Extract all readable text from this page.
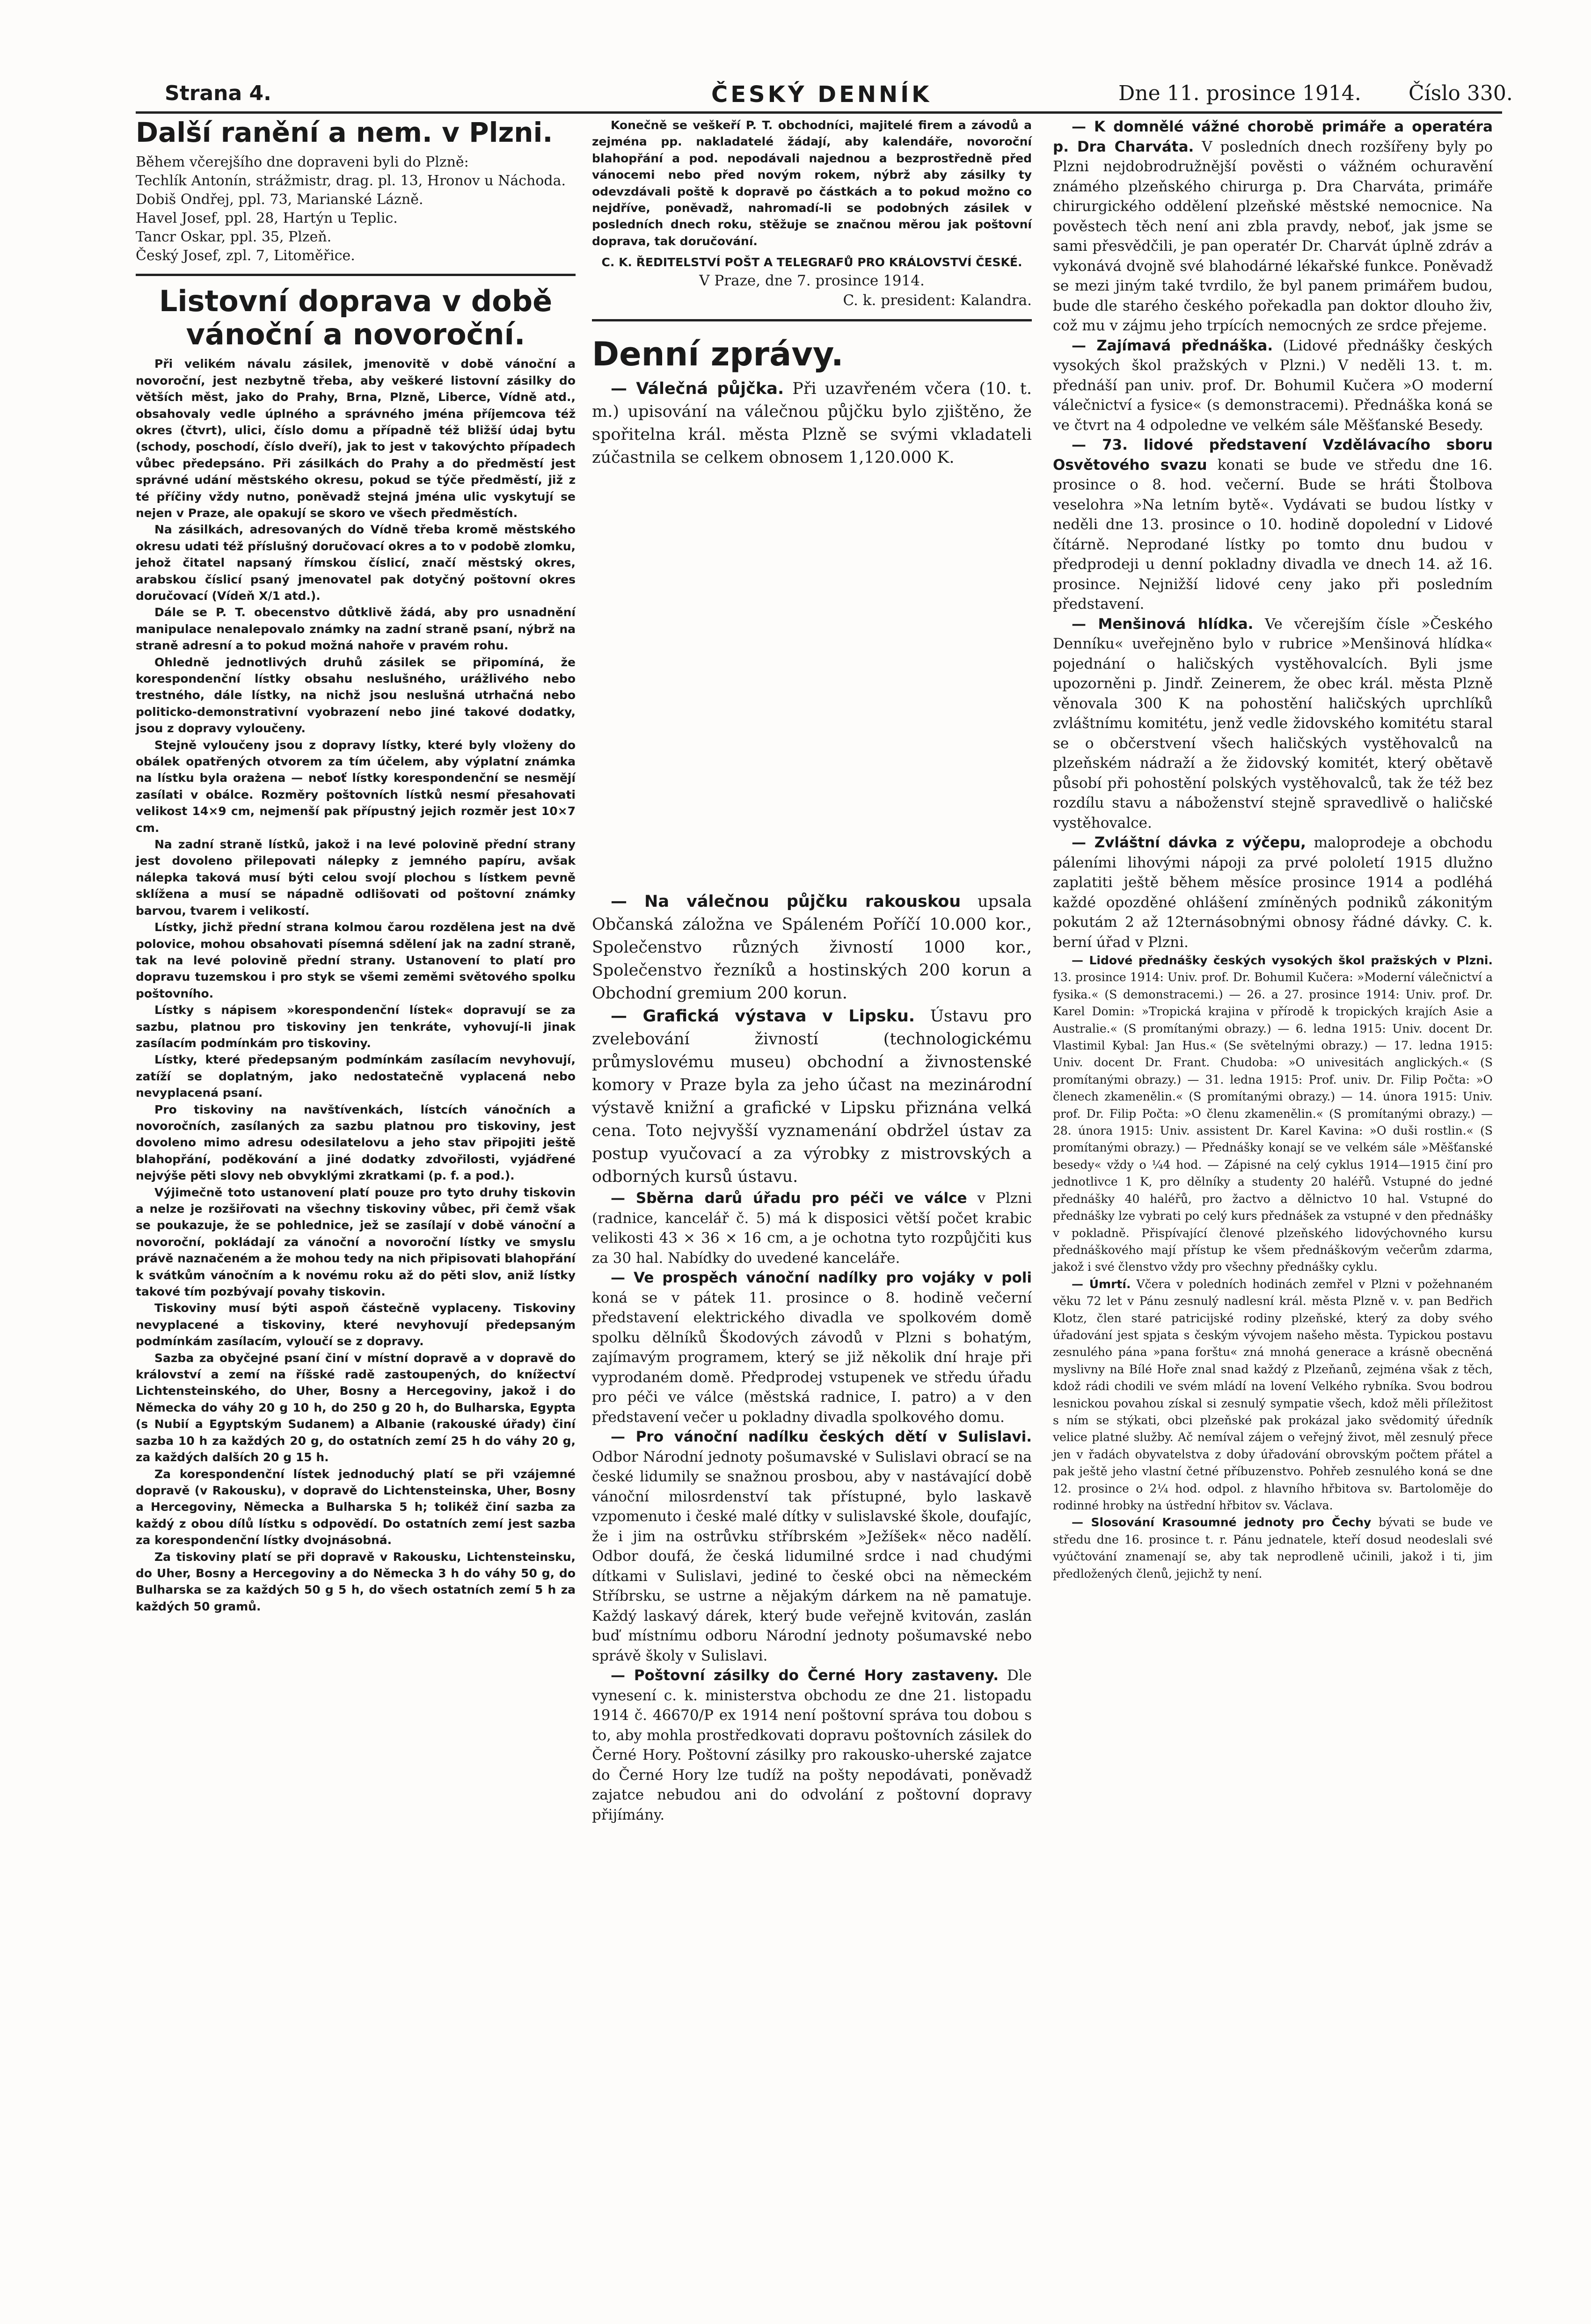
Strana 4.	ČESKÝ DENNÍK	Dne 11. prosince 1914. Číslo 330.
Další ranění a nem. v Plzni.

Během včerejšího dne dopraveni byli do Plzně:

Techlík Antonín, strážmistr, drag. pl. 13, Hronov u Náchoda.

Dobiš Ondřej, ppl. 73, Marianské Lázně.

Havel Josef, ppl. 28, Hartýn u Teplic.

Tancr Oskar, ppl. 35, Plzeň.

Český Josef, zpl. 7, Litoměřice.

Listovní doprava v době vánoční a novoroční.

Při velikém návalu zásilek, jmenovitě v době vánoční a novoroční, jest nezbytně třeba, aby veškeré listovní zásilky do větších měst, jako do Prahy, Brna, Plzně, Liberce, Vídně atd., obsahovaly vedle úplného a správného jména příjemcova též okres (čtvrt), ulici, číslo domu a případně též bližší údaj bytu (schody, poschodí, číslo dveří), jak to jest v takovýchto případech vůbec předepsáno. Při zásilkách do Prahy a do předměstí jest správné udání městského okresu, pokud se týče předměstí, již z té příčiny vždy nutno, poněvadž stejná jména ulic vyskytují se nejen v Praze, ale opakují se skoro ve všech předměstích.

Na zásilkách, adresovaných do Vídně třeba kromě městského okresu udati též příslušný doručovací okres a to v podobě zlomku, jehož čitatel napsaný římskou číslicí, značí městský okres, arabskou číslicí psaný jmenovatel pak dotyčný poštovní okres doručovací (Vídeň X/1 atd.).

Dále se P. T. obecenstvo důtklivě žádá, aby pro usnadnění manipulace nenalepovalo známky na zadní straně psaní, nýbrž na straně adresní a to pokud možná nahoře v pravém rohu.

Ohledně jednotlivých druhů zásilek se připomíná, že korespondenční lístky obsahu neslušného, urážlivého nebo trestného, dále lístky, na nichž jsou neslušná utrhačná nebo politicko-demonstrativní vyobrazení nebo jiné takové dodatky, jsou z dopravy vyloučeny.

Stejně vyloučeny jsou z dopravy lístky, které byly vloženy do obálek opatřených otvorem za tím účelem, aby výplatní známka na lístku byla orażena — neboť lístky korespondenční se nesmějí zasílati v obálce. Rozměry poštovních lístků nesmí přesahovati velikost 14×9 cm, nejmenší pak přípustný jejich rozměr jest 10×7 cm.

Na zadní straně lístků, jakož i na levé polovině přední strany jest dovoleno přilepovati nálepky z jemného papíru, avšak nálepka taková musí býti celou svojí plochou s lístkem pevně sklížena a musí se nápadně odlišovati od poštovní známky barvou, tvarem i velikostí.

Lístky, jichž přední strana kolmou čarou rozdělena jest na dvě polovice, mohou obsahovati písemná sdělení jak na zadní straně, tak na levé polovině přední strany. Ustanovení to platí pro dopravu tuzemskou i pro styk se všemi zeměmi světového spolku poštovního.

Lístky s nápisem »korespondenční lístek« dopravují se za sazbu, platnou pro tiskoviny jen tenkráte, vyhovují-li jinak zasílacím podmínkám pro tiskoviny.

Lístky, které předepsaným podmínkám zasílacím nevyhovují, zatíží se doplatným, jako nedostatečně vyplacená nebo nevyplacená psaní.

Pro tiskoviny na navštívenkách, lístcích vánočních a novoročních, zasílaných za sazbu platnou pro tiskoviny, jest dovoleno mimo adresu odesilatelovu a jeho stav připojiti ještě blahopřání, poděkování a jiné dodatky zdvořilosti, vyjádřené nejvýše pěti slovy neb obvyklými zkratkami (p. f. a pod.).

Výjimečně toto ustanovení platí pouze pro tyto druhy tiskovin a nelze je rozšiřovati na všechny tiskoviny vůbec, při čemž však se poukazuje, že se pohlednice, jež se zasílají v době vánoční a novoroční, pokládají za vánoční a novoroční lístky ve smyslu právě naznačeném a že mohou tedy na nich připisovati blahopřání k svátkům vánočním a k novému roku až do pěti slov, aniž lístky takové tím pozbývají povahy tiskovin.

Tiskoviny musí býti aspoň částečně vyplaceny. Tiskoviny nevyplacené a tiskoviny, které nevyhovují předepsaným podmínkám zasílacím, vyloučí se z dopravy.

Sazba za obyčejné psaní činí v místní dopravě a v dopravě do království a zemí na říšské radě zastoupených, do knížectví Lichtensteinského, do Uher, Bosny a Hercegoviny, jakož i do Německa do váhy 20 g 10 h, do 250 g 20 h, do Bulharska, Egypta (s Nubií a Egyptským Sudanem) a Albanie (rakouské úřady) činí sazba 10 h za každých 20 g, do ostatních zemí 25 h do váhy 20 g, za každých dalších 20 g 15 h.

Za korespondenční lístek jednoduchý platí se při vzájemné dopravě (v Rakousku), v dopravě do Lichtensteinska, Uher, Bosny a Hercegoviny, Německa a Bulharska 5 h; tolikéž činí sazba za každý z obou dílů lístku s odpovědí. Do ostatních zemí jest sazba za korespondenční lístky dvojnásobná.

Za tiskoviny platí se při dopravě v Rakousku, Lichtensteinsku, do Uher, Bosny a Hercegoviny a do Německa 3 h do váhy 50 g, do Bulharska se za každých 50 g 5 h, do všech ostatních zemí 5 h za každých 50 gramů.

Konečně se veškeří P. T. obchodníci, majitelé firem a závodů a zejména pp. nakladatelé žádají, aby kalendáře, novoroční blahopřání a pod. nepodávali najednou a bezprostředně před vánocemi nebo před novým rokem, nýbrž aby zásilky ty odevzdávali poště k dopravě po částkách a to pokud možno co nejdříve, poněvadž, nahromadí-li se podobných zásilek v posledních dnech roku, stěžuje se značnou měrou jak poštovní doprava, tak doručování.

C. K. ŘEDITELSTVÍ POŠT A TELEGRAFŮ PRO KRÁLOVSTVÍ ČESKÉ.

V Praze, dne 7. prosince 1914.

C. k. president: Kalandra.

Denní zprávy.

— Válečná půjčka. Při uzavřeném včera (10. t. m.) upisování na válečnou půjčku bylo zjištěno, že spořitelna král. města Plzně se svými vkladateli zúčastnila se celkem obnosem 1,120.000 K.

— Na válečnou půjčku rakouskou upsala Občanská záložna ve Spáleném Poříčí 10.000 kor., Společenstvo různých živností 1000 kor., Společenstvo řezníků a hostinských 200 korun a Obchodní gremium 200 korun.

— Grafická výstava v Lipsku. Ústavu pro zvelebování živností (technologickému průmyslovému museu) obchodní a živnostenské komory v Praze byla za jeho účast na mezinárodní výstavě knižní a grafické v Lipsku přiznána velká cena. Toto nejvyšší vyznamenání obdržel ústav za postup vyučovací a za výrobky z mistrovských a odborných kursů ústavu.

— Sběrna darů úřadu pro péči ve válce v Plzni (radnice, kancelář č. 5) má k disposici větší počet krabic velikosti 43 × 36 × 16 cm, a je ochotna tyto rozpůjčiti kus za 30 hal. Nabídky do uvedené kanceláře.

— Ve prospěch vánoční nadílky pro vojáky v poli koná se v pátek 11. prosince o 8. hodině večerní představení elektrického divadla ve spolkovém domě spolku dělníků Škodových závodů v Plzni s bohatým, zajímavým programem, který se již několik dní hraje při vyprodaném domě. Předprodej vstupenek ve středu úřadu pro péči ve válce (městská radnice, I. patro) a v den představení večer u pokladny divadla spolkového domu.

— Pro vánoční nadílku českých dětí v Sulislavi. Odbor Národní jednoty pošumavské v Sulislavi obrací se na české lidumily se snažnou prosbou, aby v nastávající době vánoční milosrdenství tak přístupné, bylo laskavě vzpomenuto i české malé dítky v sulislavské škole, doufajíc, že i jim na ostrůvku stříbrském »Ježíšek« něco nadělí. Odbor doufá, že česká lidumilné srdce i nad chudými dítkami v Sulislavi, jediné to české obci na německém Stříbrsku, se ustrne a nějakým dárkem na ně pamatuje. Každý laskavý dárek, který bude veřejně kvitován, zaslán buď místnímu odboru Národní jednoty pošumavské nebo správě školy v Sulislavi.

— Poštovní zásilky do Černé Hory zastaveny. Dle vynesení c. k. ministerstva obchodu ze dne 21. listopadu 1914 č. 46670/P ex 1914 není poštovní správa tou dobou s to, aby mohla prostředkovati dopravu poštovních zásilek do Černé Hory. Poštovní zásilky pro rakousko-uherské zajatce do Černé Hory lze tudíž na pošty nepodávati, poněvadž zajatce nebudou ani do odvolání z poštovní dopravy přijímány.

— K domnělé vážné chorobě primáře a operatéra p. Dra Charváta. V posledních dnech rozšířeny byly po Plzni nejdobrodružnější pověsti o vážném ochuravění známého plzeňského chirurga p. Dra Charváta, primáře chirurgického oddělení plzeňské městské nemocnice. Na pověstech těch není ani zbla pravdy, neboť, jak jsme se sami přesvědčili, je pan operatér Dr. Charvát úplně zdráv a vykonává dvojně své blahodárné lékařské funkce. Poněvadž se mezi jiným také tvrdilo, že byl panem primářem budou, bude dle starého českého pořekadla pan doktor dlouho živ, což mu v zájmu jeho trpících nemocných ze srdce přejeme.

— Zajímavá přednáška. (Lidové přednášky českých vysokých škol pražských v Plzni.) V neděli 13. t. m. přednáší pan univ. prof. Dr. Bohumil Kučera »O moderní válečnictví a fysice« (s demonstracemi). Přednáška koná se ve čtvrt na 4 odpoledne ve velkém sále Měšťanské Besedy.

— 73. lidové představení Vzdělávacího sboru Osvětového svazu konati se bude ve středu dne 16. prosince o 8. hod. večerní. Bude se hráti Štolbova veselohra »Na letním bytě«. Vydávati se budou lístky v neděli dne 13. prosince o 10. hodině dopolední v Lidové čítárně. Neprodané lístky po tomto dnu budou v předprodeji u denní pokladny divadla ve dnech 14. až 16. prosince. Nejnižší lidové ceny jako při posledním představení.

— Menšinová hlídka. Ve včerejším čísle »Českého Denníku« uveřejněno bylo v rubrice »Menšinová hlídka« pojednání o haličských vystěhovalcích. Byli jsme upozorněni p. Jindř. Zeinerem, že obec král. města Plzně věnovala 300 K na pohostění haličských uprchlíků zvláštnímu komitétu, jenž vedle židovského komitétu staral se o občerstvení všech haličských vystěhovalců na plzeňském nádraží a že židovský komitét, který obětavě působí při pohostění polských vystěhovalců, tak že též bez rozdílu stavu a náboženství stejně spravedlivě o haličské vystěhovalce.

— Zvláštní dávka z výčepu, maloprodeje a obchodu páleními lihovými nápoji za prvé pololetí 1915 dlužno zaplatiti ještě během měsíce prosince 1914 a podléhá každé opozděné ohlášení zmíněných podniků zákonitým pokutám 2 až 12ternásobnými obnosy řádné dávky. C. k. berní úřad v Plzni.

— Lidové přednášky českých vysokých škol pražských v Plzni. 13. prosince 1914: Univ. prof. Dr. Bohumil Kučera: »Moderní válečnictví a fysika.« (S demonstracemi.) — 26. a 27. prosince 1914: Univ. prof. Dr. Karel Domin: »Tropická krajina v přírodě k tropických krajích Asie a Australie.« (S promítanými obrazy.) — 6. ledna 1915: Univ. docent Dr. Vlastimil Kybal: Jan Hus.« (Se světelnými obrazy.) — 17. ledna 1915: Univ. docent Dr. Frant. Chudoba: »O univesitách anglických.« (S promítanými obrazy.) — 31. ledna 1915: Prof. univ. Dr. Filip Počta: »O členech zkamenělin.« (S promítanými obrazy.) — 14. února 1915: Univ. prof. Dr. Filip Počta: »O členu zkamenělin.« (S promítanými obrazy.) — 28. února 1915: Univ. assistent Dr. Karel Kavina: »O duši rostlin.« (S promítanými obrazy.) — Přednášky konají se ve velkém sále »Měšťanské besedy« vždy o ¼4 hod. — Zápisné na celý cyklus 1914—1915 činí pro jednotlivce 1 K, pro dělníky a studenty 20 haléřů. Vstupné do jedné přednášky 40 haléřů, pro žactvo a dělnictvo 10 hal. Vstupné do přednášky lze vybrati po celý kurs přednášek za vstupné v den přednášky v pokladně. Přispívající členové plzeňského lidovýchovného kursu přednáškového mají přístup ke všem přednáškovým večerům zdarma, jakož i své členstvo vždy pro všechny přednášky cyklu.

— Úmrtí. Včera v poledních hodinách zemřel v Plzni v požehnaném věku 72 let v Pánu zesnulý nadlesní král. města Plzně v. v. pan Bedřich Klotz, člen staré patricijské rodiny plzeňské, který za doby svého úřadování jest spjata s českým vývojem našeho města. Typickou postavu zesnulého pána »pana forštu« zná mnohá generace a krásně obecněná myslivny na Bílé Hoře znal snad každý z Plzeňanů, zejména však z těch, kdož rádi chodili ve svém mládí na lovení Velkého rybníka. Svou bodrou lesnickou povahou získal si zesnulý sympatie všech, kdož měli příležitost s ním se stýkati, obci plzeňské pak prokázal jako svědomitý úředník velice platné služby. Ač nemíval zájem o veřejný život, měl zesnulý přece jen v řadách obyvatelstva z doby úřadování obrovským počtem přátel a pak ještě jeho vlastní četné příbuzenstvo. Pohřeb zesnulého koná se dne 12. prosince o 2¼ hod. odpol. z hlavního hřbitova sv. Bartoloměje do rodinné hrobky na ústřední hřbitov sv. Václava.

— Slosování Krasoumné jednoty pro Čechy bývati se bude ve středu dne 16. prosince t. r. Pánu jednatele, kteří dosud neodeslali své vyúčtování znamenají se, aby tak neprodleně učinili, jakož i ti, jim předložených členů, jejichž ty není.
